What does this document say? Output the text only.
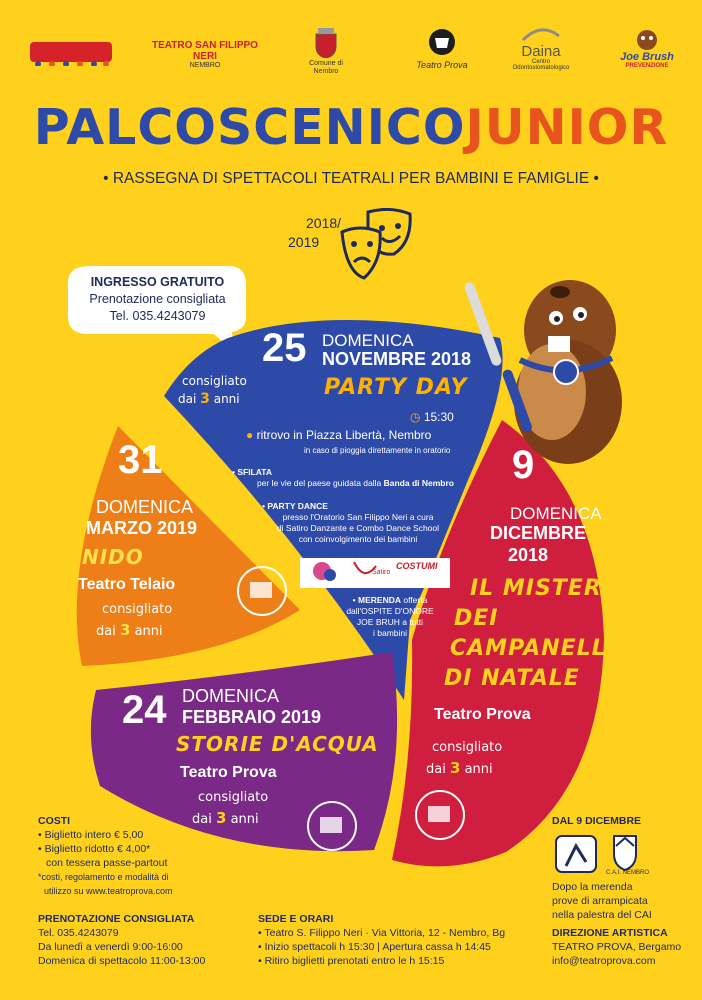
TEATRO SAN FILIPPO NERI
NEMBRO	Comune di Nembro
Teatro Prova
Daina
Centro Odontostomatologico
Joe Brush
PREVENZIONE
PALCOSCENICOJUNIOR
• RASSEGNA DI SPETTACOLI TEATRALI PER BAMBINI E FAMIGLIE •
2018/
2019
INGRESSO GRATUITO
Prenotazione consigliata
Tel. 035.4243079
25 DOMENICA
NOVEMBRE 2018
PARTY DAY
consigliato
dai 3 anni
◷ 15:30
● ritrovo in Piazza Libertà, Nembro
in caso di pioggia direttamente in oratorio
• SFILATA
per le vie del paese guidata dalla Banda di Nembro
• PARTY DANCE
presso l'Oratorio San Filippo Neri a cura
di Satiro Danzante e Combo Dance School
con coinvolgimento dei bambini
Satiro
COSTUMI
• MERENDA offerta
dall'OSPITE D'ONORE
JOE BRUH a tutti
i bambini
31
DOMENICA
MARZO 2019
NIDO
Teatro Telaio
consigliato
dai 3 anni
24 DOMENICA
FEBBRAIO 2019
STORIE D'ACQUA
Teatro Prova
consigliato
dai 3 anni
9
DOMENICA
DICEMBRE
2018
IL MISTERO
DEI
CAMPANELLI
DI NATALE
Teatro Prova
consigliato
dai 3 anni
COSTI
• Biglietto intero € 5,00
• Biglietto ridotto € 4,00*
con tessera passe-partout
*costi, regolamento e modalità di
utilizzo su www.teatroprova.com
PRENOTAZIONE CONSIGLIATA
Tel. 035.4243079
Da lunedì a venerdì 9:00-16:00
Domenica di spettacolo 11:00-13:00
SEDE E ORARI
• Teatro S. Filippo Neri · Via Vittoria, 12 - Nembro, Bg
• Inizio spettacoli h 15:30 | Apertura cassa h 14:45
• Ritiro biglietti prenotati entro le h 15:15
DAL 9 DICEMBRE
C.A.I. NEMBRO
Dopo la merenda
prove di arrampicata
nella palestra del CAI
DIREZIONE ARTISTICA
TEATRO PROVA, Bergamo
info@teatroprova.com
